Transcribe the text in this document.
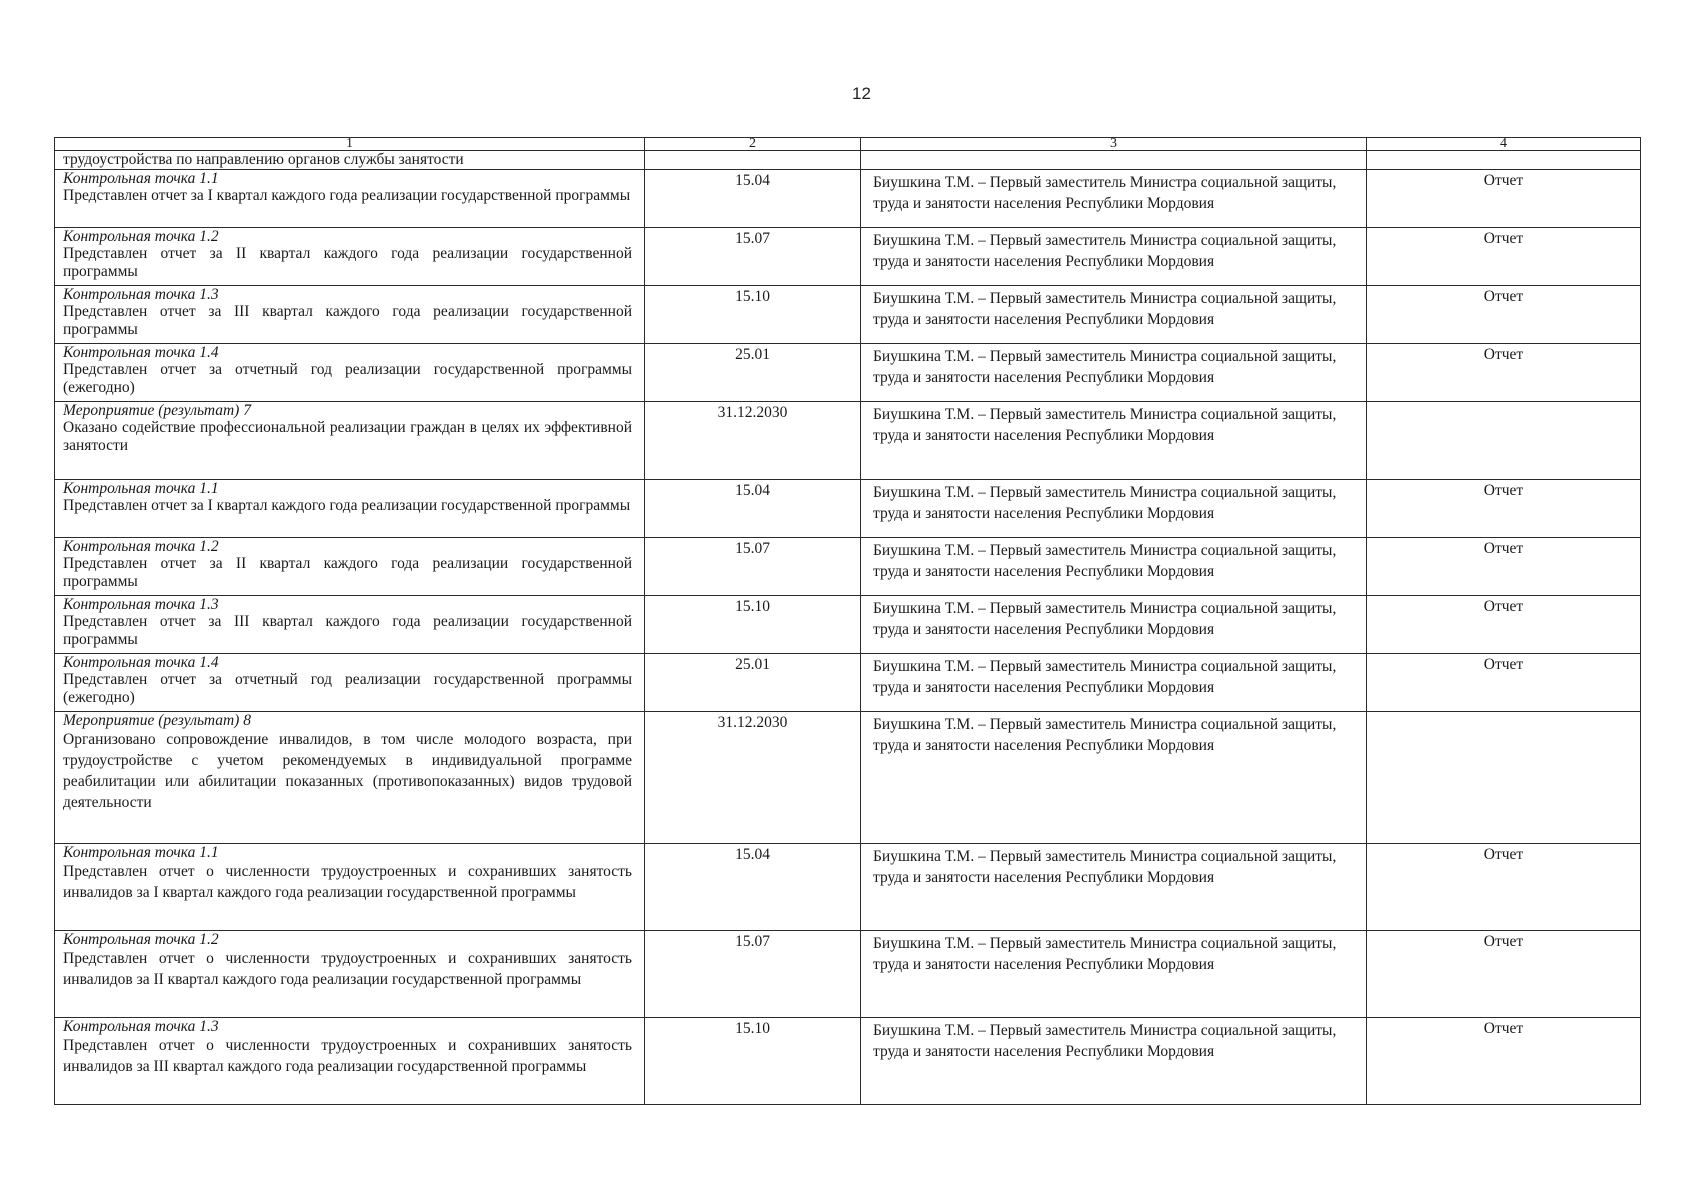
12
1	2	3	4

трудоустройства по направлению органов службы занятости			

Контрольная точка 1.1
Представлен отчет за I квартал каждого года реализации государственной программы	15.04	Биушкина Т.М. – Первый заместитель Министра социальной защиты, труда и занятости населения Республики Мордовия	Отчет

Контрольная точка 1.2
Представлен отчет за II квартал каждого года реализации государственной программы	15.07	Биушкина Т.М. – Первый заместитель Министра социальной защиты, труда и занятости населения Республики Мордовия	Отчет

Контрольная точка 1.3
Представлен отчет за III квартал каждого года реализации государственной программы	15.10	Биушкина Т.М. – Первый заместитель Министра социальной защиты, труда и занятости населения Республики Мордовия	Отчет

Контрольная точка 1.4
Представлен отчет за отчетный год реализации государственной программы (ежегодно)	25.01	Биушкина Т.М. – Первый заместитель Министра социальной защиты, труда и занятости населения Республики Мордовия	Отчет

Мероприятие (результат) 7
Оказано содействие профессиональной реализации граждан в целях их эффективной занятости	31.12.2030	Биушкина Т.М. – Первый заместитель Министра социальной защиты, труда и занятости населения Республики Мордовия	

Контрольная точка 1.1
Представлен отчет за I квартал каждого года реализации государственной программы	15.04	Биушкина Т.М. – Первый заместитель Министра социальной защиты, труда и занятости населения Республики Мордовия	Отчет

Контрольная точка 1.2
Представлен отчет за II квартал каждого года реализации государственной программы	15.07	Биушкина Т.М. – Первый заместитель Министра социальной защиты, труда и занятости населения Республики Мордовия	Отчет

Контрольная точка 1.3
Представлен отчет за III квартал каждого года реализации государственной программы	15.10	Биушкина Т.М. – Первый заместитель Министра социальной защиты, труда и занятости населения Республики Мордовия	Отчет

Контрольная точка 1.4
Представлен отчет за отчетный год реализации государственной программы (ежегодно)	25.01	Биушкина Т.М. – Первый заместитель Министра социальной защиты, труда и занятости населения Республики Мордовия	Отчет

Мероприятие (результат) 8
Организовано сопровождение инвалидов, в том числе молодого возраста, при трудоустройстве с учетом рекомендуемых в индивидуальной программе реабилитации или абилитации показанных (противопоказанных) видов трудовой деятельности	31.12.2030	Биушкина Т.М. – Первый заместитель Министра социальной защиты, труда и занятости населения Республики Мордовия	

Контрольная точка 1.1
Представлен отчет о численности трудоустроенных и сохранивших занятость инвалидов за I квартал каждого года реализации государственной программы	15.04	Биушкина Т.М. – Первый заместитель Министра социальной защиты, труда и занятости населения Республики Мордовия	Отчет

Контрольная точка 1.2
Представлен отчет о численности трудоустроенных и сохранивших занятость инвалидов за II квартал каждого года реализации государственной программы	15.07	Биушкина Т.М. – Первый заместитель Министра социальной защиты, труда и занятости населения Республики Мордовия	Отчет

Контрольная точка 1.3
Представлен отчет о численности трудоустроенных и сохранивших занятость инвалидов за III квартал каждого года реализации государственной программы	15.10	Биушкина Т.М. – Первый заместитель Министра социальной защиты, труда и занятости населения Республики Мордовия	Отчет
